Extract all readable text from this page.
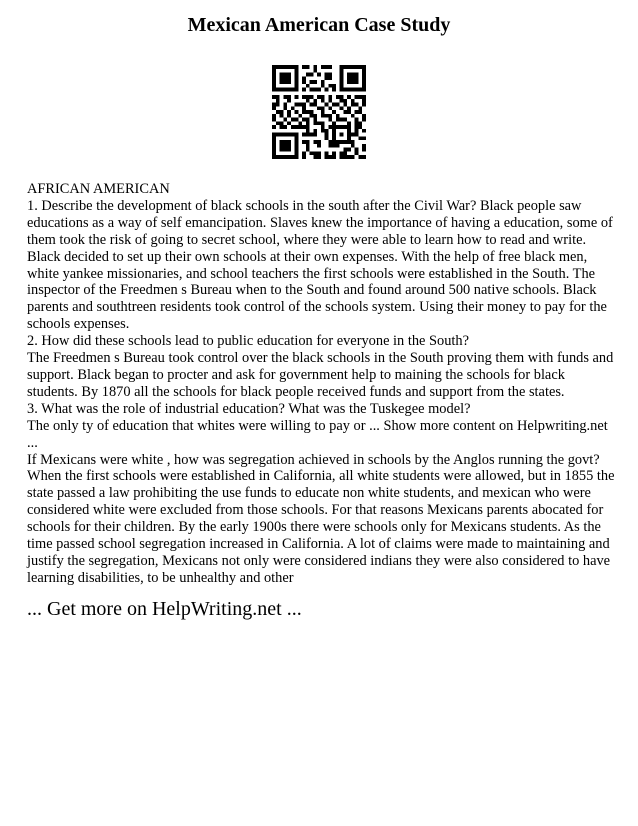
Mexican American Case Study
AFRICAN AMERICAN
1. Describe the development of black schools in the south after the Civil War? Black people saw
educations as a way of self emancipation. Slaves knew the importance of having a education, some of
them took the risk of going to secret school, where they were able to learn how to read and write.
Black decided to set up their own schools at their own expenses. With the help of free black men,
white yankee missionaries, and school teachers the first schools were established in the South. The
inspector of the Freedmen s Bureau when to the South and found around 500 native schools. Black
parents and southtreen residents took control of the schools system. Using their money to pay for the
schools expenses.
2. How did these schools lead to public education for everyone in the South?
The Freedmen s Bureau took control over the black schools in the South proving them with funds and
support. Black began to procter and ask for government help to maining the schools for black
students. By 1870 all the schools for black people received funds and support from the states.
3. What was the role of industrial education? What was the Tuskegee model?
The only ty of education that whites were willing to pay or ... Show more content on Helpwriting.net
...
If Mexicans were white , how was segregation achieved in schools by the Anglos running the govt?
When the first schools were established in California, all white students were allowed, but in 1855 the
state passed a law prohibiting the use funds to educate non white students, and mexican who were
considered white were excluded from those schools. For that reasons Mexicans parents abocated for
schools for their children. By the early 1900s there were schools only for Mexicans students. As the
time passed school segregation increased in California. A lot of claims were made to maintaining and
justify the segregation, Mexicans not only were considered indians they were also considered to have
learning disabilities, to be unhealthy and other

... Get more on HelpWriting.net ...
